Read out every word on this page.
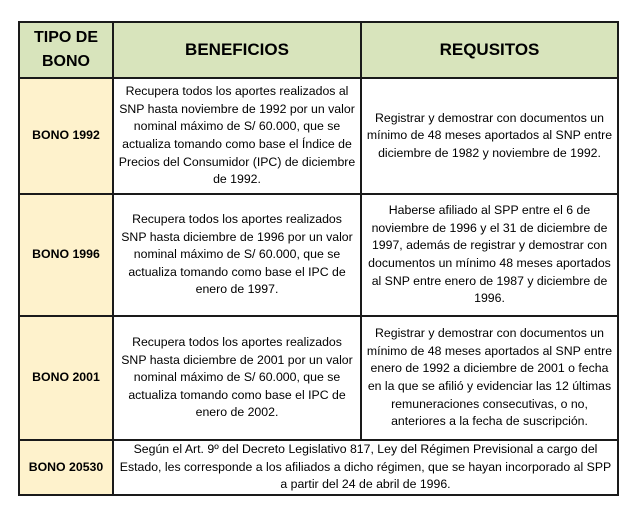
TIPO DE BONO	BENEFICIOS	REQUSITOS
BONO 1992	Recupera todos los aportes realizados al SNP hasta noviembre de 1992 por un valor nominal máximo de S/ 60.000, que se actualiza tomando como base el Índice de Precios del Consumidor (IPC) de diciembre de 1992.	Registrar y demostrar con documentos un mínimo de 48 meses aportados al SNP entre diciembre de 1982 y noviembre de 1992.
BONO 1996	Recupera todos los aportes realizados SNP hasta diciembre de 1996 por un valor nominal máximo de S/ 60.000, que se actualiza tomando como base el IPC de enero de 1997.	Haberse afiliado al SPP entre el 6 de noviembre de 1996 y el 31 de diciembre de 1997, además de registrar y demostrar con documentos un mínimo 48 meses aportados al SNP entre enero de 1987 y diciembre de 1996.
BONO 2001	Recupera todos los aportes realizados SNP hasta diciembre de 2001 por un valor nominal máximo de S/ 60.000, que se actualiza tomando como base el IPC de enero de 2002.	Registrar y demostrar con documentos un mínimo de 48 meses aportados al SNP entre enero de 1992 a diciembre de 2001 o fecha en la que se afilió y evidenciar las 12 últimas remuneraciones consecutivas, o no, anteriores a la fecha de suscripción.
BONO 20530	Según el Art. 9º del Decreto Legislativo 817, Ley del Régimen Previsional a cargo del Estado, les corresponde a los afiliados a dicho régimen, que se hayan incorporado al SPP a partir del 24 de abril de 1996.	
